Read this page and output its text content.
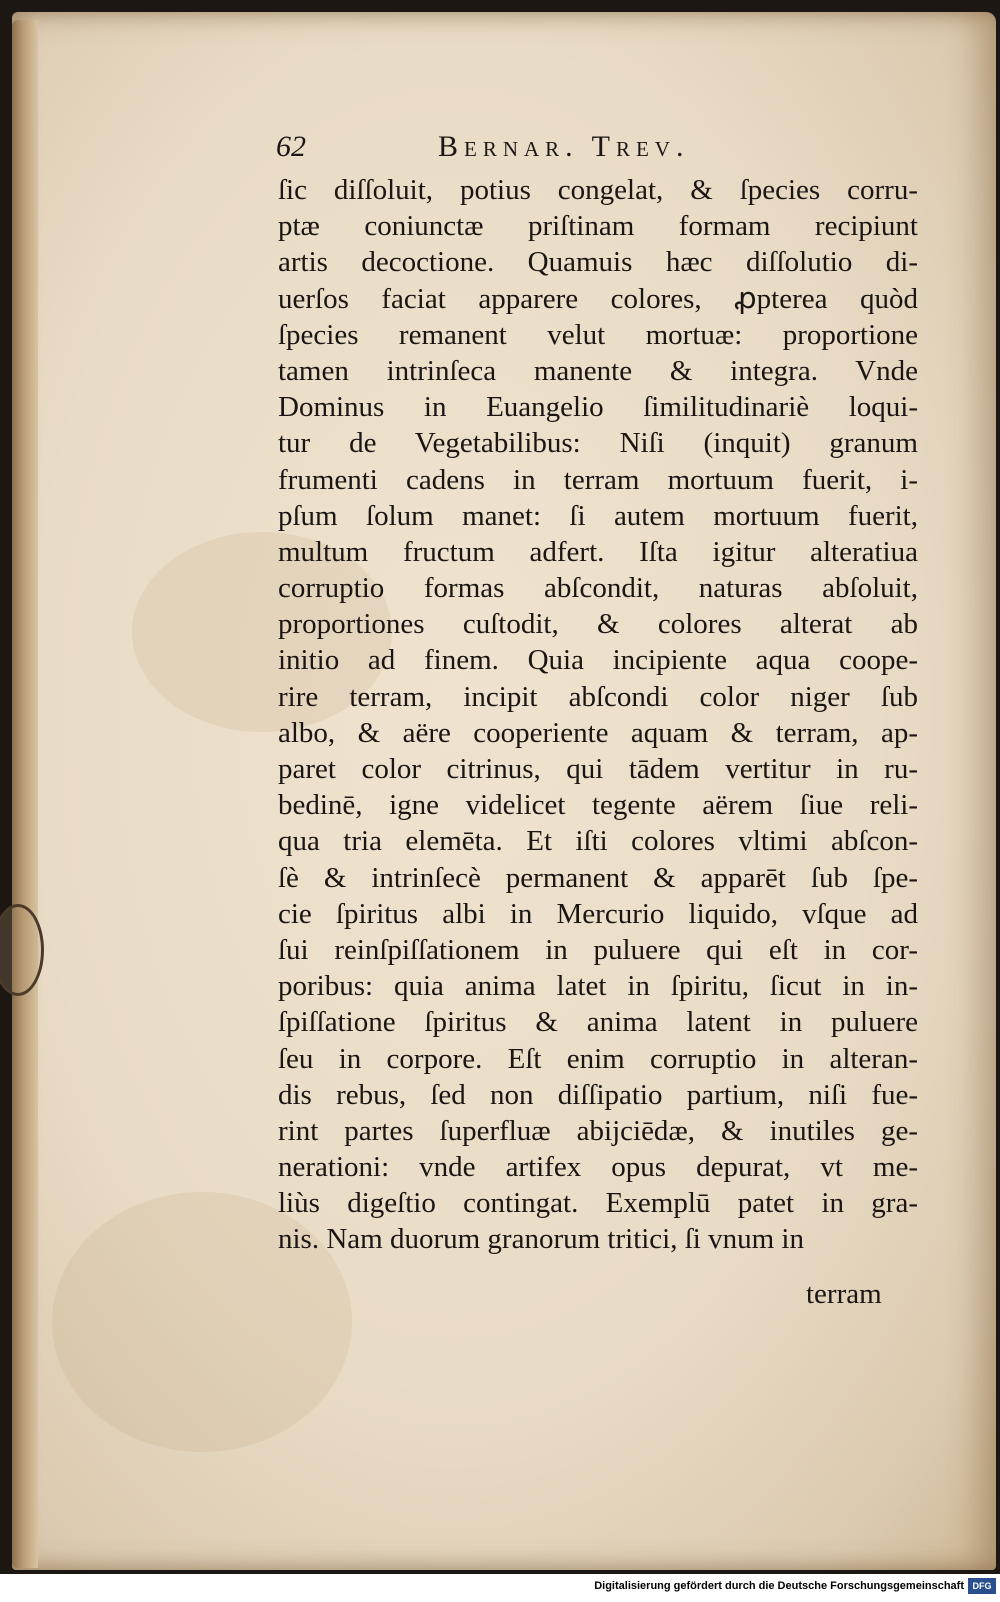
62	Bernar. Trev.
ſic diſſoluit, potius congelat, & ſpecies corru-
ptæ coniunctæ priſtinam formam recipiunt
artis decoctione. Quamuis hæc diſſolutio di-
uerſos faciat apparere colores, ꝓpterea quòd
ſpecies remanent velut mortuæ: proportione
tamen intrinſeca manente & integra. Vnde
Dominus in Euangelio ſimilitudinariè loqui-
tur de Vegetabilibus: Niſi (inquit) granum
frumenti cadens in terram mortuum fuerit, i-
pſum ſolum manet: ſi autem mortuum fuerit,
multum fructum adfert. Iſta igitur alteratiua
corruptio formas abſcondit, naturas abſoluit,
proportiones cuſtodit, & colores alterat ab
initio ad finem. Quia incipiente aqua coope-
rire terram, incipit abſcondi color niger ſub
albo, & aëre cooperiente aquam & terram, ap-
paret color citrinus, qui tādem vertitur in ru-
bedinē, igne videlicet tegente aërem ſiue reli-
qua tria elemēta. Et iſti colores vltimi abſcon-
ſè & intrinſecè permanent & apparēt ſub ſpe-
cie ſpiritus albi in Mercurio liquido, vſque ad
ſui reinſpiſſationem in puluere qui eſt in cor-
poribus: quia anima latet in ſpiritu, ſicut in in-
ſpiſſatione ſpiritus & anima latent in puluere
ſeu in corpore. Eſt enim corruptio in alteran-
dis rebus, ſed non diſſipatio partium, niſi fue-
rint partes ſuperfluæ abijciēdæ, & inutiles ge-
nerationi: vnde artifex opus depurat, vt me-
liùs digeſtio contingat. Exemplū patet in gra-
nis. Nam duorum granorum tritici, ſi vnum in
terram
Digitalisierung gefördert durch die Deutsche Forschungsgemeinschaft DFG
